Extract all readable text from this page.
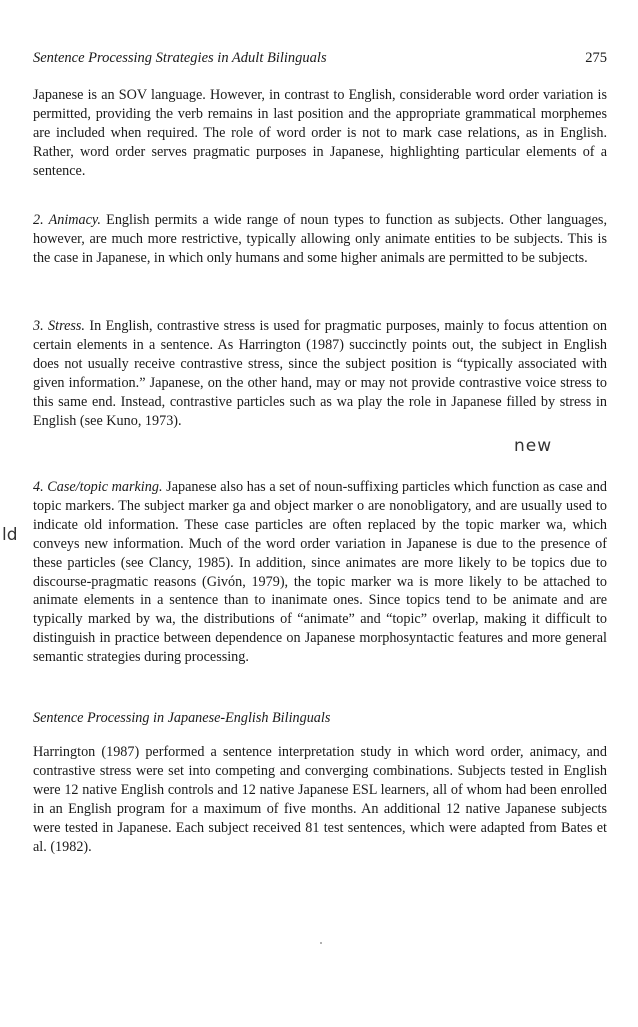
Sentence Processing Strategies in Adult Bilinguals	275

Japanese is an SOV language. However, in contrast to English, considerable word order variation is permitted, providing the verb remains in last position and the appropriate grammatical morphemes are included when required. The role of word order is not to mark case relations, as in English. Rather, word order serves pragmatic purposes in Japanese, highlighting particular elements of a sentence.

2. Animacy. English permits a wide range of noun types to function as subjects. Other languages, however, are much more restrictive, typically allowing only animate entities to be subjects. This is the case in Japanese, in which only humans and some higher animals are permitted to be subjects.

3. Stress. In English, contrastive stress is used for pragmatic purposes, mainly to focus attention on certain elements in a sentence. As Harrington (1987) succinctly points out, the subject in English does not usually receive contrastive stress, since the subject position is “typically associated with given information.” Japanese, on the other hand, may or may not provide contrastive voice stress to this same end. Instead, contrastive particles such as wa play the role in Japanese filled by stress in English (see Kuno, 1973).

4. Case/topic marking. Japanese also has a set of noun-suffixing particles which function as case and topic markers. The subject marker ga and object marker o are nonobligatory, and are usually used to indicate old information. These case particles are often replaced by the topic marker wa, which conveys new information. Much of the word order variation in Japanese is due to the presence of these particles (see Clancy, 1985). In addition, since animates are more likely to be topics due to discourse-pragmatic reasons (Givón, 1979), the topic marker wa is more likely to be attached to animate elements in a sentence than to inanimate ones. Since topics tend to be animate and are typically marked by wa, the distributions of “animate” and “topic” overlap, making it difficult to distinguish in practice between dependence on Japanese morphosyntactic features and more general semantic strategies during processing.

Sentence Processing in Japanese-English Bilinguals

Harrington (1987) performed a sentence interpretation study in which word order, animacy, and contrastive stress were set into competing and converging combinations. Subjects tested in English were 12 native English controls and 12 native Japanese ESL learners, all of whom had been enrolled in an English program for a maximum of five months. An additional 12 native Japanese subjects were tested in Japanese. Each subject received 81 test sentences, which were adapted from Bates et al. (1982).

new
ld
